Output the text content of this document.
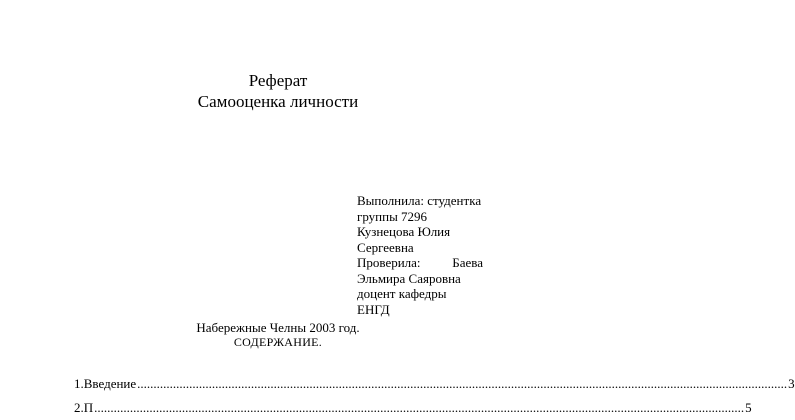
Реферат
Самооценка личности
Выполнила: студентка
группы 7296
Кузнецова Юлия
Сергеевна
Проверила: Баева
Эльмира Саяровна
доцент кафедры
ЕНГД
Набережные Челны 2003 год.
СОДЕРЖАНИЕ.
1. Введение .....	3
2. П .....	5
